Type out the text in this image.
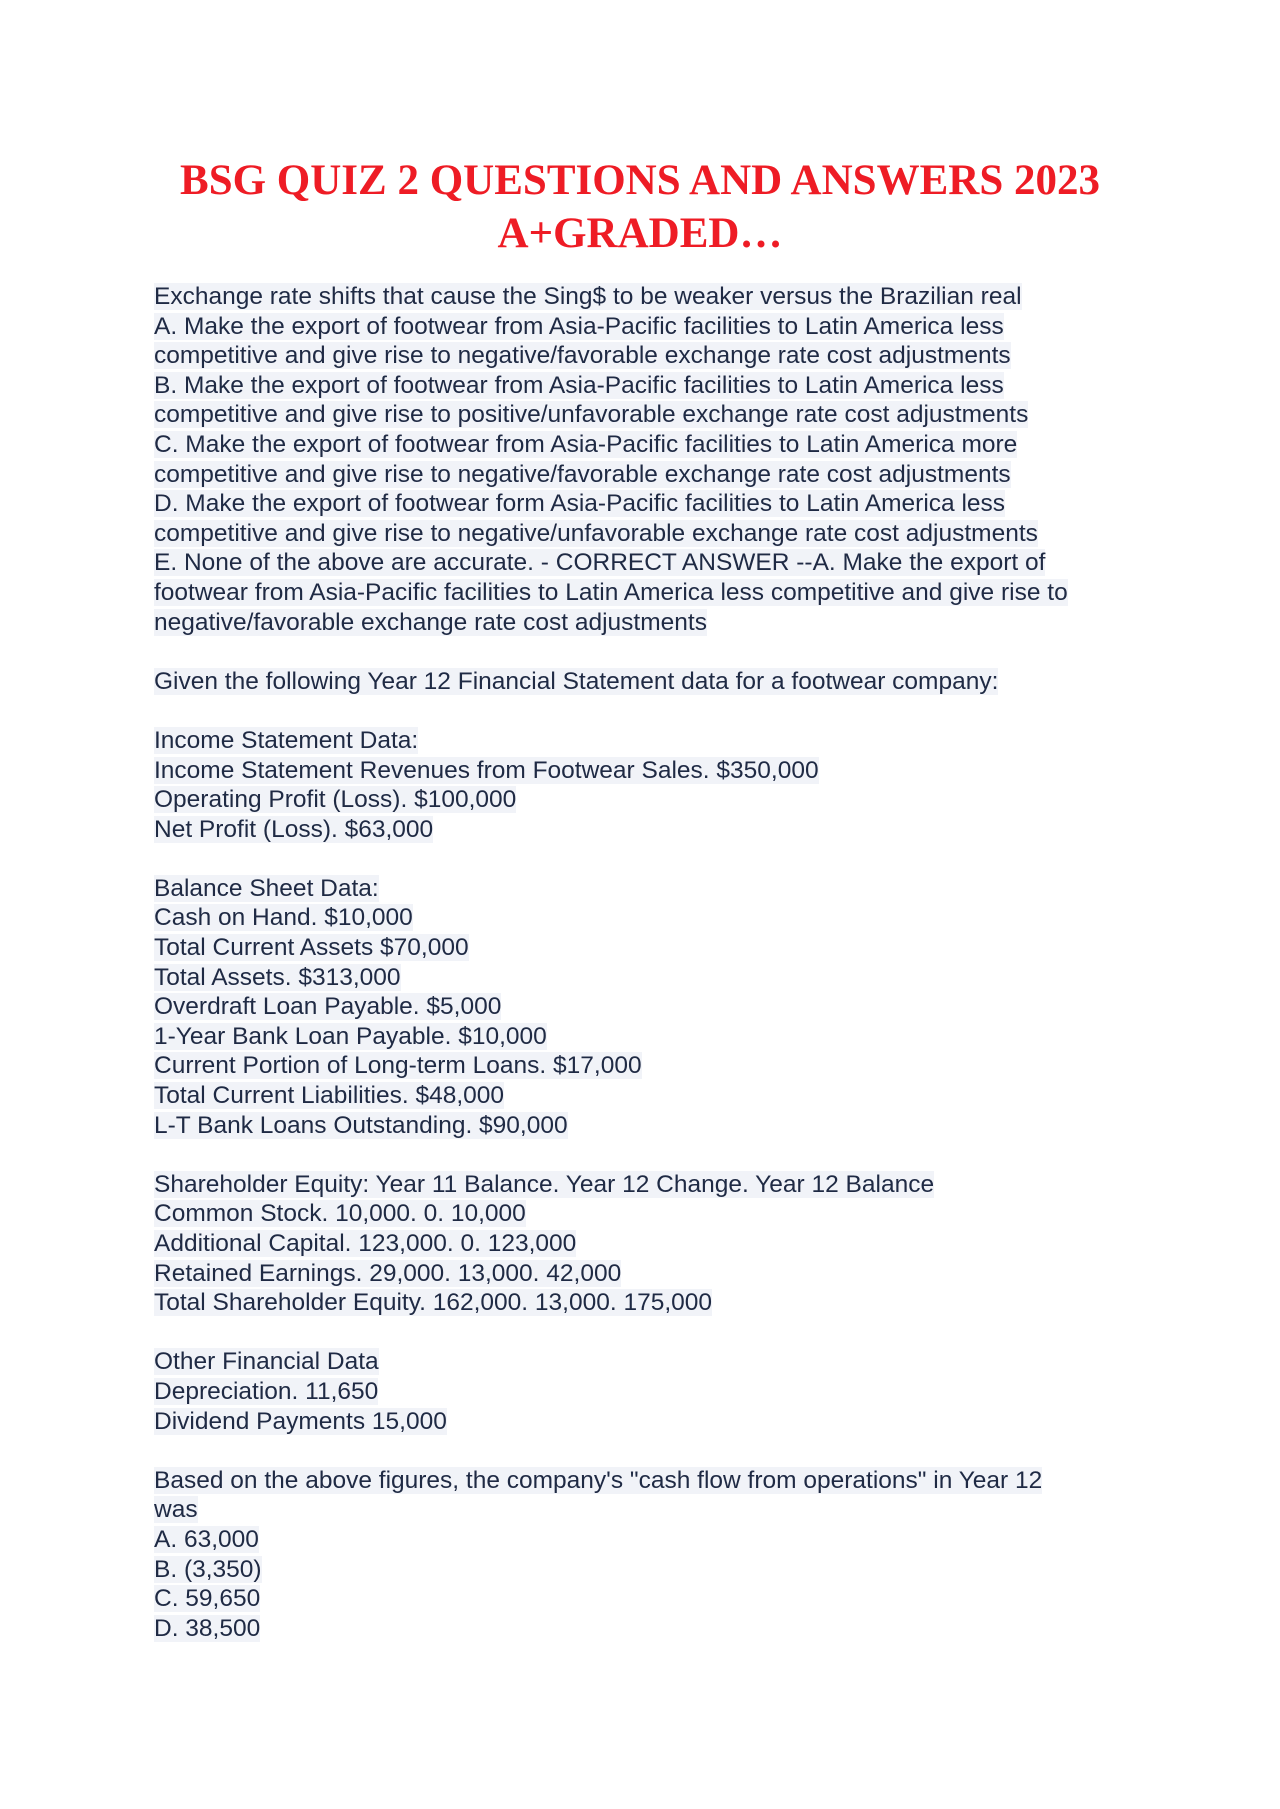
BSG QUIZ 2 QUESTIONS AND ANSWERS 2023
A+GRADED…
Exchange rate shifts that cause the Sing$ to be weaker versus the Brazilian real
A. Make the export of footwear from Asia-Pacific facilities to Latin America less
competitive and give rise to negative/favorable exchange rate cost adjustments
B. Make the export of footwear from Asia-Pacific facilities to Latin America less
competitive and give rise to positive/unfavorable exchange rate cost adjustments
C. Make the export of footwear from Asia-Pacific facilities to Latin America more
competitive and give rise to negative/favorable exchange rate cost adjustments
D. Make the export of footwear form Asia-Pacific facilities to Latin America less
competitive and give rise to negative/unfavorable exchange rate cost adjustments
E. None of the above are accurate. - CORRECT ANSWER --A. Make the export of
footwear from Asia-Pacific facilities to Latin America less competitive and give rise to
negative/favorable exchange rate cost adjustments
Given the following Year 12 Financial Statement data for a footwear company:
Income Statement Data:
Income Statement Revenues from Footwear Sales. $350,000
Operating Profit (Loss). $100,000
Net Profit (Loss). $63,000
Balance Sheet Data:
Cash on Hand. $10,000
Total Current Assets $70,000
Total Assets. $313,000
Overdraft Loan Payable. $5,000
1-Year Bank Loan Payable. $10,000
Current Portion of Long-term Loans. $17,000
Total Current Liabilities. $48,000
L-T Bank Loans Outstanding. $90,000
Shareholder Equity: Year 11 Balance. Year 12 Change. Year 12 Balance
Common Stock. 10,000. 0. 10,000
Additional Capital. 123,000. 0. 123,000
Retained Earnings. 29,000. 13,000. 42,000
Total Shareholder Equity. 162,000. 13,000. 175,000
Other Financial Data
Depreciation. 11,650
Dividend Payments 15,000
Based on the above figures, the company's "cash flow from operations" in Year 12
was
A. 63,000
B. (3,350)
C. 59,650
D. 38,500
